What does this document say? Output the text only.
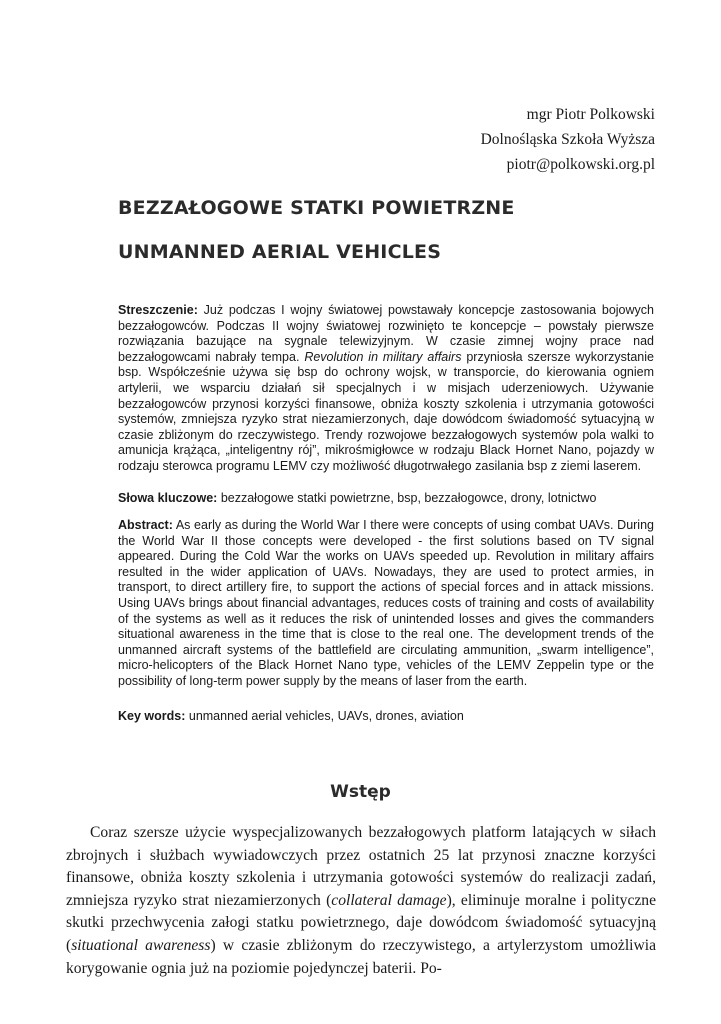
mgr Piotr Polkowski
Dolnośląska Szkoła Wyższa
piotr@polkowski.org.pl
BEZZAŁOGOWE STATKI POWIETRZNE
UNMANNED AERIAL VEHICLES
Streszczenie: Już podczas I wojny światowej powstawały koncepcje zastosowania bojowych bezzałogowców. Podczas II wojny światowej rozwinięto te koncepcje – powstały pierwsze rozwiązania bazujące na sygnale telewizyjnym. W czasie zimnej wojny prace nad bezzałogowcami nabrały tempa. Revolution in military affairs przyniosła szersze wykorzystanie bsp. Współcześnie używa się bsp do ochrony wojsk, w transporcie, do kierowania ogniem artylerii, we wsparciu działań sił specjalnych i w misjach uderzeniowych. Używanie bezzałogowców przynosi korzyści finansowe, obniża koszty szkolenia i utrzymania gotowości systemów, zmniejsza ryzyko strat niezamierzonych, daje dowódcom świadomość sytuacyjną w czasie zbliżonym do rzeczywistego. Trendy rozwojowe bezzałogowych systemów pola walki to amunicja krążąca, „inteligentny rój”, mikrośmigłowce w rodzaju Black Hornet Nano, pojazdy w rodzaju sterowca programu LEMV czy możliwość długotrwałego zasilania bsp z ziemi laserem.
Słowa kluczowe: bezzałogowe statki powietrzne, bsp, bezzałogowce, drony, lotnictwo
Abstract: As early as during the World War I there were concepts of using combat UAVs. During the World War II those concepts were developed - the first solutions based on TV signal appeared. During the Cold War the works on UAVs speeded up. Revolution in military affairs resulted in the wider application of UAVs. Nowadays, they are used to protect armies, in transport, to direct artillery fire, to support the actions of special forces and in attack missions. Using UAVs brings about financial advantages, reduces costs of training and costs of availability of the systems as well as it reduces the risk of unintended losses and gives the commanders situational awareness in the time that is close to the real one. The development trends of the unmanned aircraft systems of the battlefield are circulating ammunition, „swarm intelligence”, micro-helicopters of the Black Hornet Nano type, vehicles of the LEMV Zeppelin type or the possibility of long-term power supply by the means of laser from the earth.
Key words: unmanned aerial vehicles, UAVs, drones, aviation
Wstęp
Coraz szersze użycie wyspecjalizowanych bezzałogowych platform latających w siłach zbrojnych i służbach wywiadowczych przez ostatnich 25 lat przynosi znaczne korzyści finansowe, obniża koszty szkolenia i utrzymania gotowości systemów do realizacji zadań, zmniejsza ryzyko strat niezamierzonych (collateral damage), eliminuje moralne i polityczne skutki przechwycenia załogi statku powietrznego, daje dowódcom świadomość sytuacyjną (situational awareness) w czasie zbliżonym do rzeczywistego, a artylerzystom umożliwia korygowanie ognia już na poziomie pojedynczej baterii. Po-
